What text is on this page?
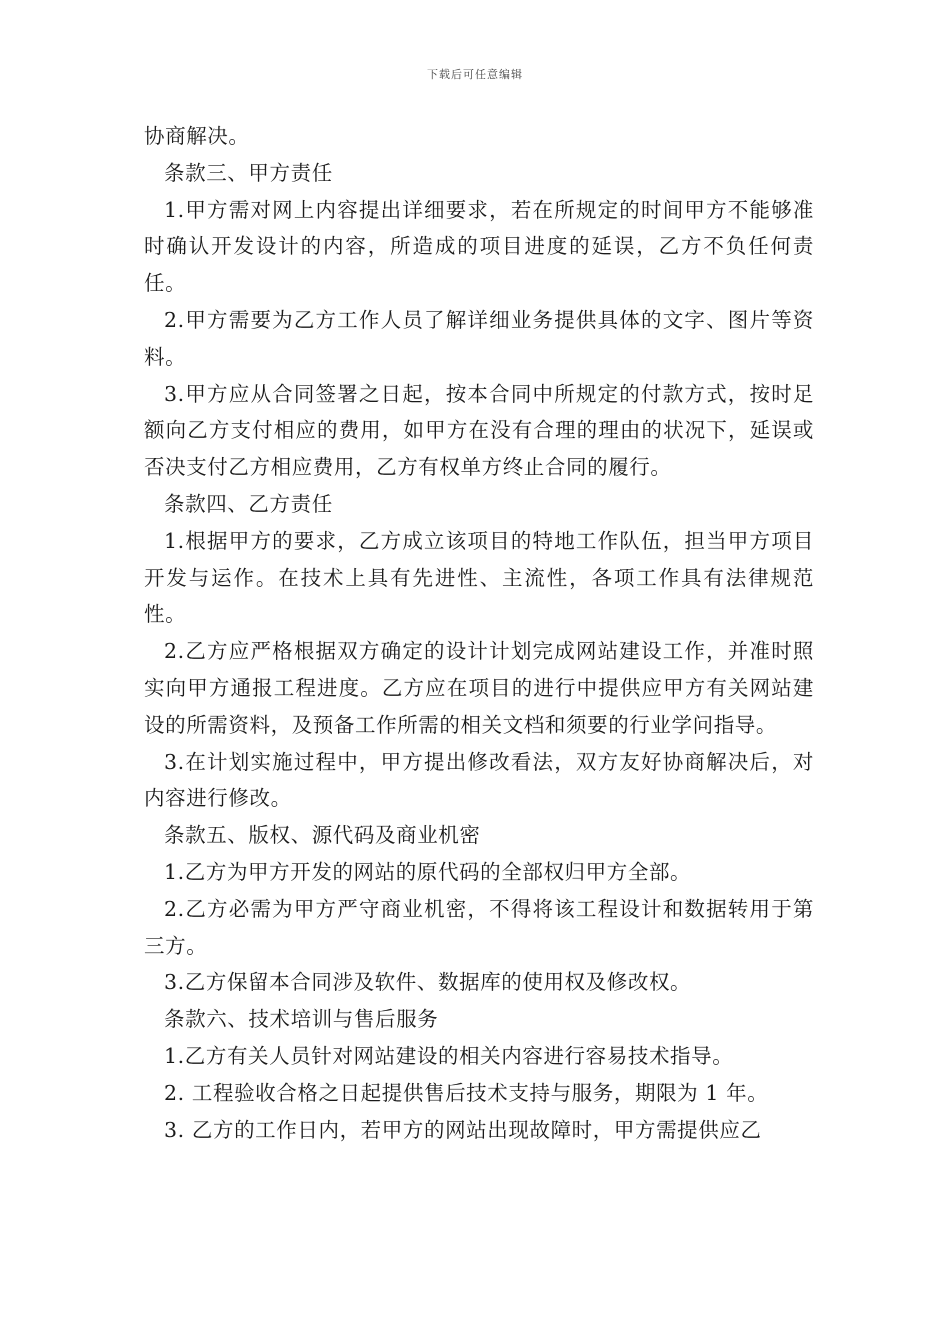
下载后可任意编辑

协商解决。

条款三、甲方责任

1.甲方需对网上内容提出详细要求，若在所规定的时间甲方不能够准时确认开发设计的内容，所造成的项目进度的延误，乙方不负任何责任。

2.甲方需要为乙方工作人员了解详细业务提供具体的文字、图片等资料。

3.甲方应从合同签署之日起，按本合同中所规定的付款方式，按时足额向乙方支付相应的费用，如甲方在没有合理的理由的状况下，延误或否决支付乙方相应费用，乙方有权单方终止合同的履行。

条款四、乙方责任

1.根据甲方的要求，乙方成立该项目的特地工作队伍，担当甲方项目开发与运作。在技术上具有先进性、主流性，各项工作具有法律规范性。

2.乙方应严格根据双方确定的设计计划完成网站建设工作，并准时照实向甲方通报工程进度。乙方应在项目的进行中提供应甲方有关网站建设的所需资料，及预备工作所需的相关文档和须要的行业学问指导。

3.在计划实施过程中，甲方提出修改看法，双方友好协商解决后，对内容进行修改。

条款五、版权、源代码及商业机密

1.乙方为甲方开发的网站的原代码的全部权归甲方全部。

2.乙方必需为甲方严守商业机密，不得将该工程设计和数据转用于第三方。

3.乙方保留本合同涉及软件、数据库的使用权及修改权。

条款六、技术培训与售后服务

1.乙方有关人员针对网站建设的相关内容进行容易技术指导。

2. 工程验收合格之日起提供售后技术支持与服务，期限为 1 年。

3. 乙方的工作日内，若甲方的网站出现故障时，甲方需提供应乙
